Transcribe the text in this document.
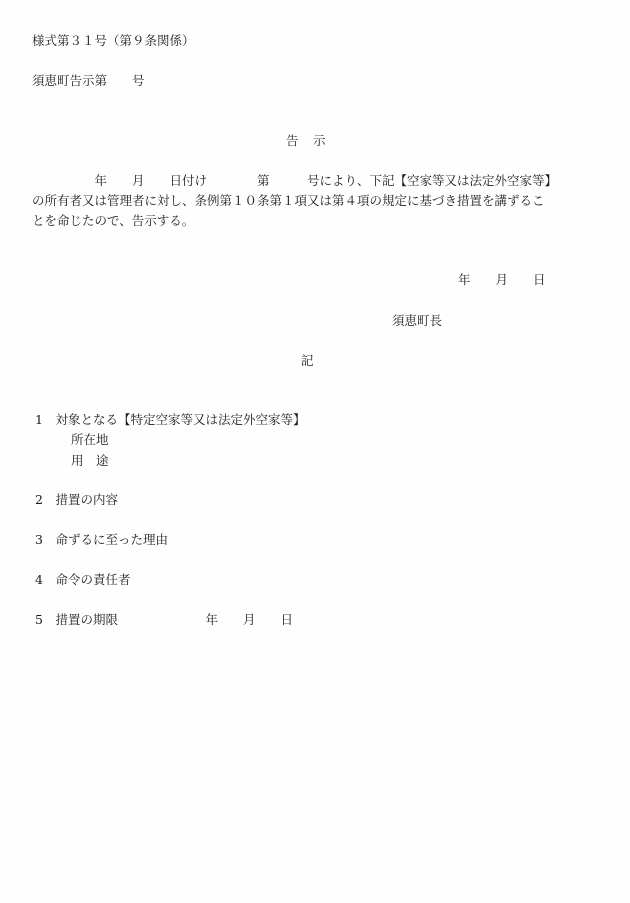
様式第３１号（第９条関係）
須恵町告示第　　号
告　示
　　　　　年　　月　　日付け　　　　第　　　号により、下記【空家等又は法定外空家等】
の所有者又は管理者に対し、条例第１０条第１項又は第４項の規定に基づき措置を講ずるこ
とを命じたので、告示する。
年　　月　　日
須恵町長
記
1　対象となる【特定空家等又は法定外空家等】
所在地
用　途
2　措置の内容
3　命ずるに至った理由
4　命令の責任者
5　措置の期限　　　　　　　年　　月　　日
